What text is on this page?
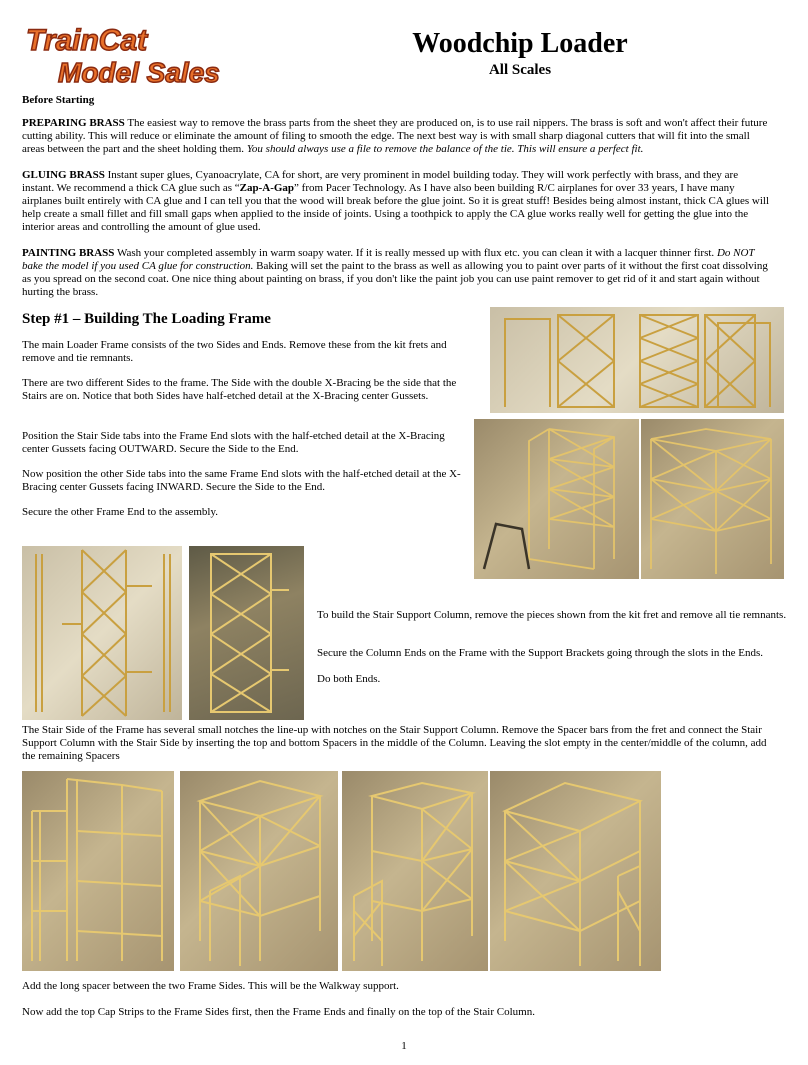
TrainCat
Model Sales
Woodchip Loader
All Scales
Before Starting

PREPARING BRASS The easiest way to remove the brass parts from the sheet they are produced on, is to use rail nippers. The brass is soft and won't affect their future cutting ability. This will reduce or eliminate the amount of filing to smooth the edge. The next best way is with small sharp diagonal cutters that will fit into the small areas between the part and the sheet holding them. You should always use a file to remove the balance of the tie. This will ensure a perfect fit.

GLUING BRASS Instant super glues, Cyanoacrylate, CA for short, are very prominent in model building today. They will work perfectly with brass, and they are instant. We recommend a thick CA glue such as “Zap-A-Gap” from Pacer Technology. As I have also been building R/C airplanes for over 33 years, I have many airplanes built entirely with CA glue and I can tell you that the wood will break before the glue joint. So it is great stuff! Besides being almost instant, thick CA glues will help create a small fillet and fill small gaps when applied to the inside of joints. Using a toothpick to apply the CA glue works really well for getting the glue into the interior areas and controlling the amount of glue used.

PAINTING BRASS Wash your completed assembly in warm soapy water. If it is really messed up with flux etc. you can clean it with a lacquer thinner first. Do NOT bake the model if you used CA glue for construction. Baking will set the paint to the brass as well as allowing you to paint over parts of it without the first coat dissolving as you spread on the second coat. One nice thing about painting on brass, if you don't like the paint job you can use paint remover to get rid of it and start again without hurting the brass.

Step #1 – Building The Loading Frame

The main Loader Frame consists of the two Sides and Ends. Remove these from the kit frets and remove and tie remnants.

There are two different Sides to the frame. The Side with the double X-Bracing be the side that the Stairs are on. Notice that both Sides have half-etched detail at the X-Bracing center Gussets.

Position the Stair Side tabs into the Frame End slots with the half-etched detail at the X-Bracing center Gussets facing OUTWARD. Secure the Side to the End.

Now position the other Side tabs into the same Frame End slots with the half-etched detail at the X-Bracing center Gussets facing INWARD. Secure the Side to the End.

Secure the other Frame End to the assembly.

To build the Stair Support Column, remove the pieces shown from the kit fret and remove all tie remnants.

Secure the Column Ends on the Frame with the Support Brackets going through the slots in the Ends.

Do both Ends.

The Stair Side of the Frame has several small notches the line-up with notches on the Stair Support Column. Remove the Spacer bars from the fret and connect the Stair Support Column with the Stair Side by inserting the top and bottom Spacers in the middle of the Column. Leaving the slot empty in the center/middle of the column, add the remaining Spacers

Add the long spacer between the two Frame Sides. This will be the Walkway support.

Now add the top Cap Strips to the Frame Sides first, then the Frame Ends and finally on the top of the Stair Column.

1
